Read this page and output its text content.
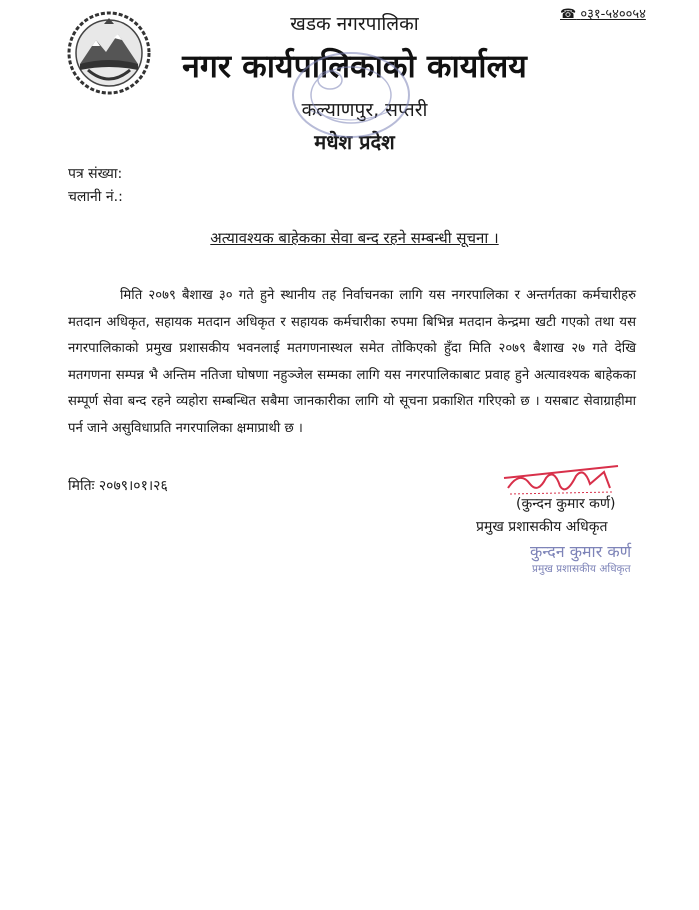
☎ ०३१-५४००५४
खडक नगरपालिका
नगर कार्यपालिकाको कार्यालय
कल्याणपुर, सप्तरी
मधेश प्रदेश
पत्र संख्या:
चलानी नं.:
अत्यावश्यक बाहेकका सेवा बन्द रहने सम्बन्धी सूचना ।
मिति २०७९ बैशाख ३० गते हुने स्थानीय तह निर्वाचनका लागि यस नगरपालिका र अन्तर्गतका कर्मचारीहरु मतदान अधिकृत, सहायक मतदान अधिकृत र सहायक कर्मचारीका रुपमा बिभिन्न मतदान केन्द्रमा खटी गएको तथा यस नगरपालिकाको प्रमुख प्रशासकीय भवनलाई मतगणनास्थल समेत तोकिएको हुँदा मिति २०७९ बैशाख २७ गते देखि मतगणना सम्पन्न भै अन्तिम नतिजा घोषणा नहुञ्जेल सम्मका लागि यस नगरपालिकाबाट प्रवाह हुने अत्यावश्यक बाहेकका सम्पूर्ण सेवा बन्द रहने व्यहोरा सम्बन्धित सबैमा जानकारीका लागि यो सूचना प्रकाशित गरिएको छ । यसबाट सेवाग्राहीमा पर्न जाने असुविधाप्रति नगरपालिका क्षमाप्राथी छ ।
मितिः २०७९।०१।२६
(कुन्दन कुमार कर्ण)
प्रमुख प्रशासकीय अधिकृत
कुन्दन कुमार कर्ण
प्रमुख प्रशासकीय अधिकृत
